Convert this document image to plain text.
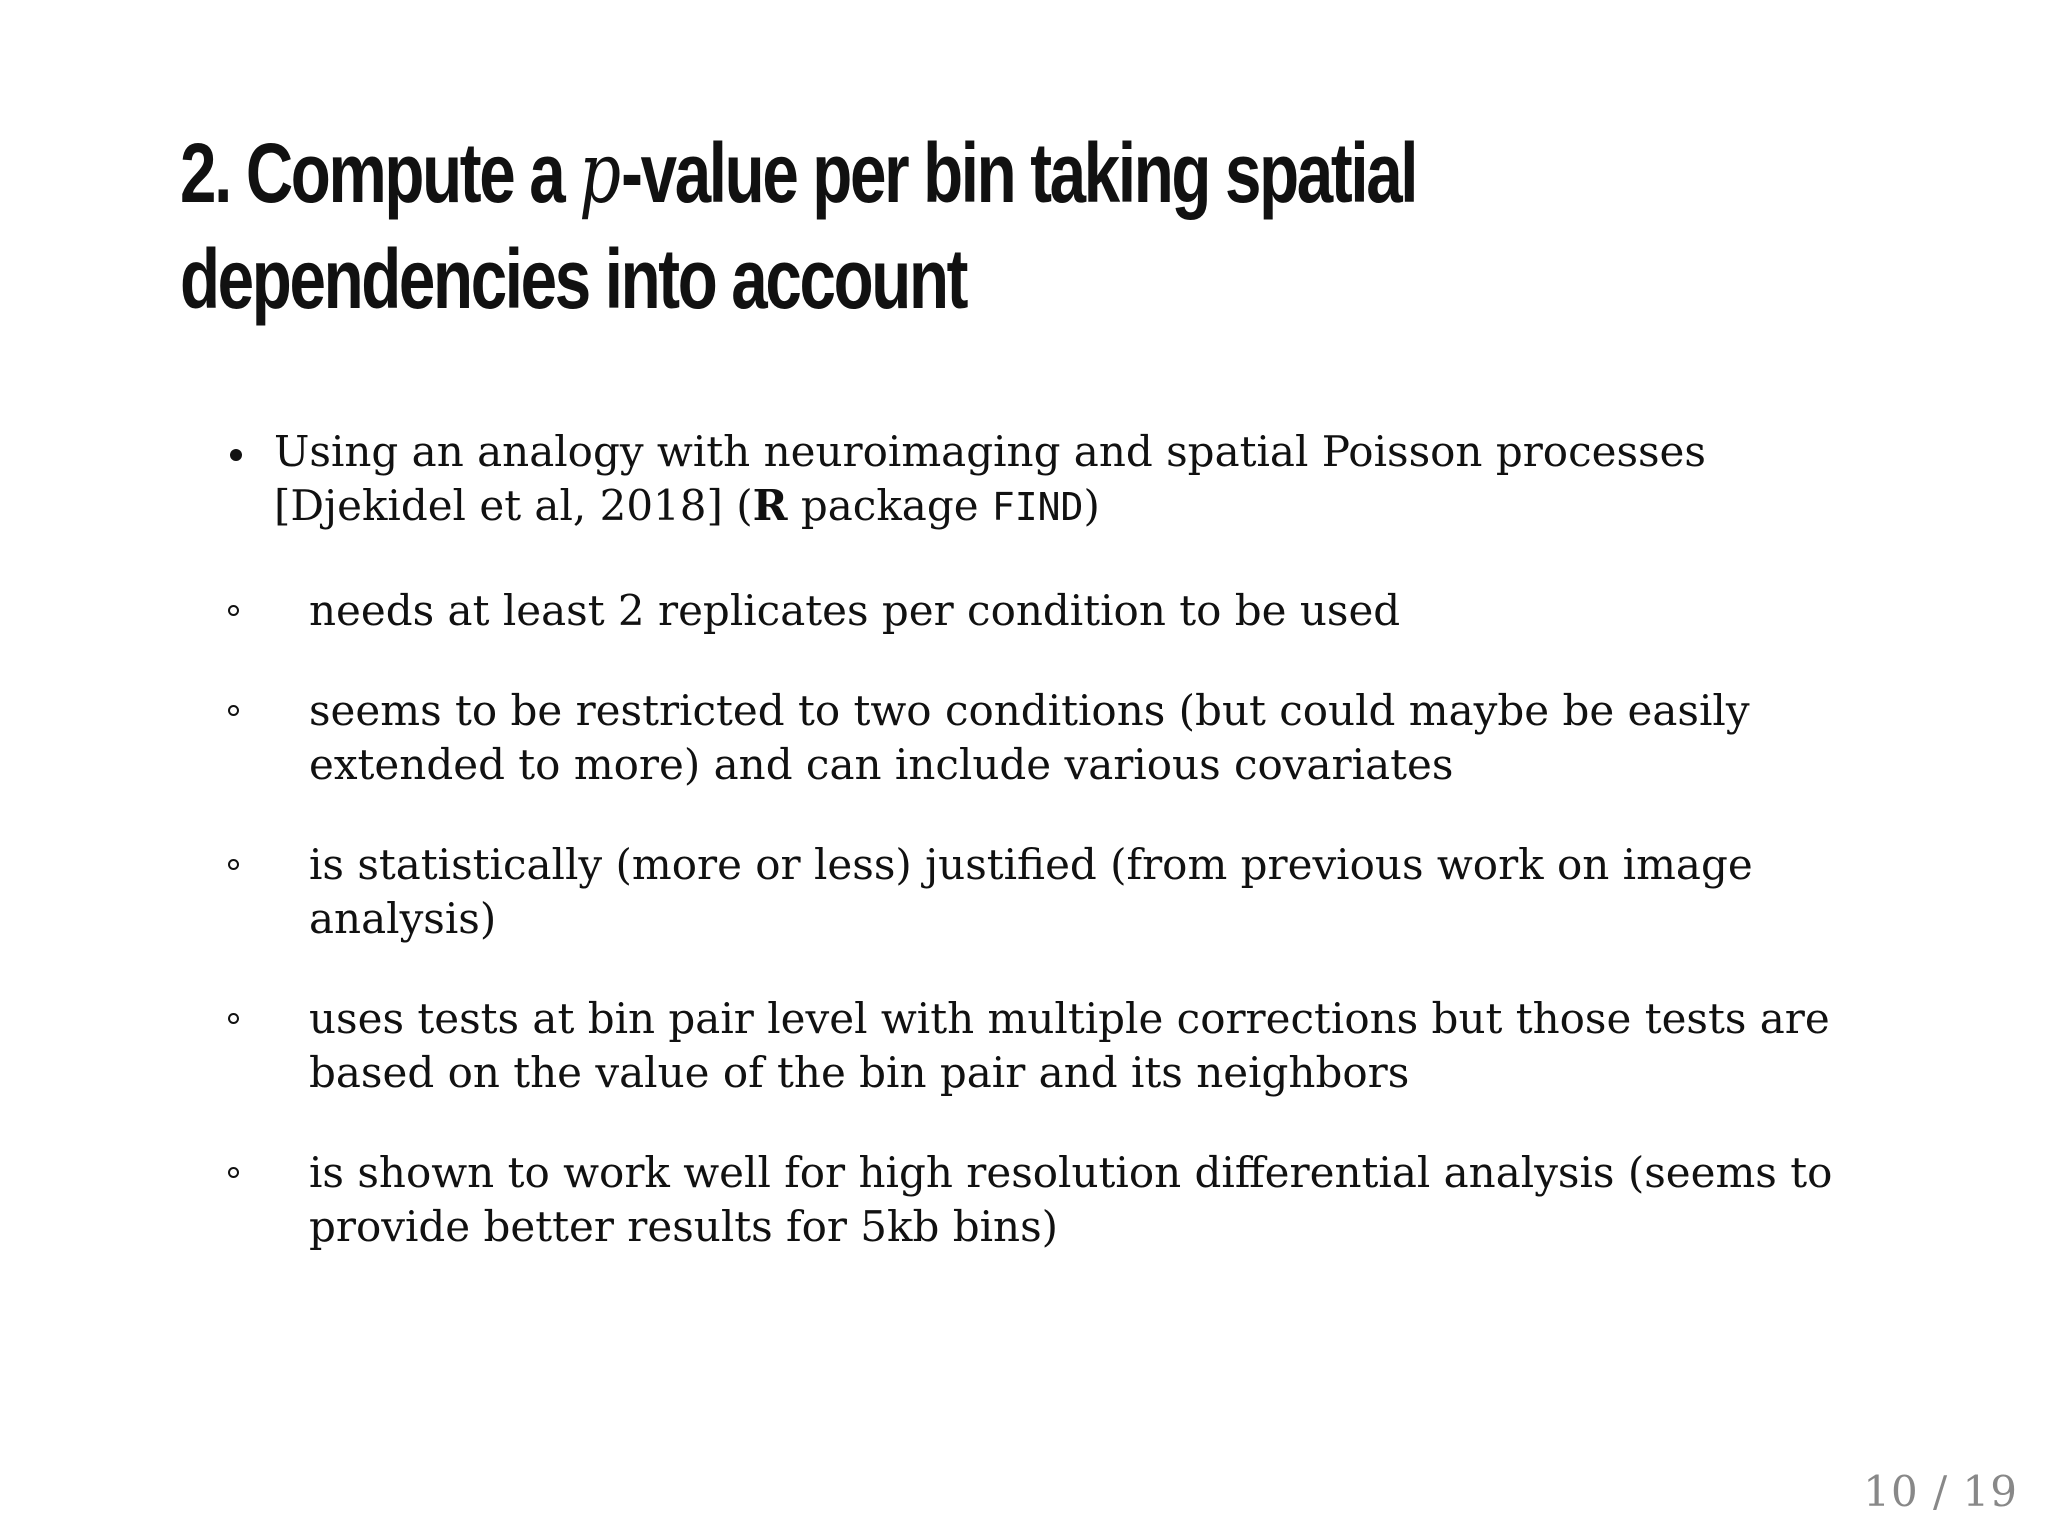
2. Compute a p-value per bin taking spatial dependencies into account
Using an analogy with neuroimaging and spatial Poisson processes [Djekidel et al, 2018] (R package FIND)
needs at least 2 replicates per condition to be used
seems to be restricted to two conditions (but could maybe be easily extended to more) and can include various covariates
is statistically (more or less) justified (from previous work on image analysis)
uses tests at bin pair level with multiple corrections but those tests are based on the value of the bin pair and its neighbors
is shown to work well for high resolution differential analysis (seems to provide better results for 5kb bins)
10 / 19
